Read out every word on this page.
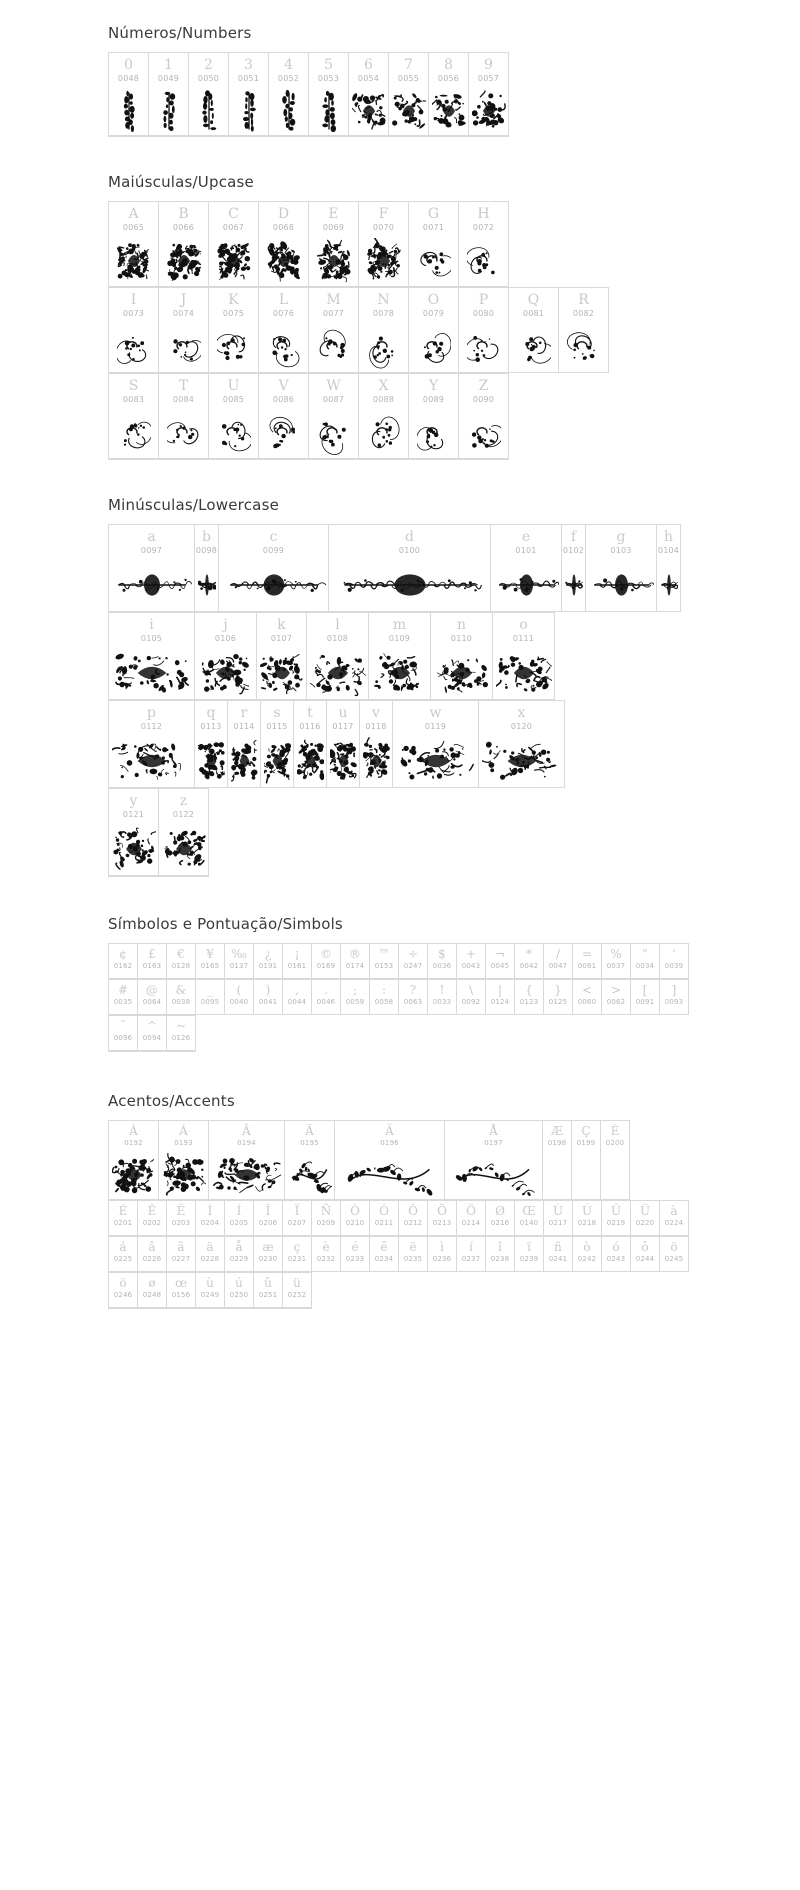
Números/Numbers
0
0048
1
0049
2
0050
3
0051
4
0052
5
0053
6
0054
7
0055
8
0056
9
0057
Maiúsculas/Upcase
A
0065
B
0066
C
0067
D
0068
E
0069
F
0070
G
0071
H
0072
I
0073
J
0074
K
0075
L
0076
M
0077
N
0078
O
0079
P
0080
Q
0081
R
0082
S
0083
T
0084
U
0085
V
0086
W
0087
X
0088
Y
0089
Z
0090
Minúsculas/Lowercase
a
0097
b
0098
c
0099
d
0100
e
0101
f
0102
g
0103
h
0104
i
0105
j
0106
k
0107
l
0108
m
0109
n
0110
o
0111
p
0112
q
0113
r
0114
s
0115
t
0116
u
0117
v
0118
w
0119
x
0120
y
0121
z
0122
Símbolos e Pontuação/Simbols
¢
0162
£
0163
€
0128
¥
0165
‰
0137
¿
0191
¡
0161
©
0169
®
0174
™
0153
÷
0247
$
0036
+
0043
¬
0045
*
0042
/
0047
=
0061
%
0037
"
0034
'
0039
#
0035
@
0064
&
0038
_
0095
(
0040
)
0041
,
0044
.
0046
;
0059
:
0058
?
0063
!
0033
\
0092
|
0124
{
0123
}
0125
<
0060
>
0062
[
0091
]
0093
˜
0096
^
0094
~
0126
Acentos/Accents
À
0192
Á
0193
Â
0194
Ã
0195
Ä
0196
Å
0197
Æ
0198
Ç
0199
È
0200
É
0201
Ê
0202
Ë
0203
Ì
0204
Í
0205
Î
0206
Ï
0207
Ñ
0209
Ò
0210
Ó
0211
Ô
0212
Õ
0213
Ö
0214
Ø
0216
Œ
0140
Ù
0217
Ú
0218
Û
0219
Ü
0220
à
0224
á
0225
â
0226
ã
0227
ä
0228
å
0229
æ
0230
ç
0231
è
0232
é
0233
ê
0234
ë
0235
ì
0236
í
0237
î
0238
ï
0239
ñ
0241
ò
0242
ó
0243
ô
0244
ö
0245
ö
0246
ø
0248
œ
0156
ù
0249
ú
0250
û
0251
ü
0252
